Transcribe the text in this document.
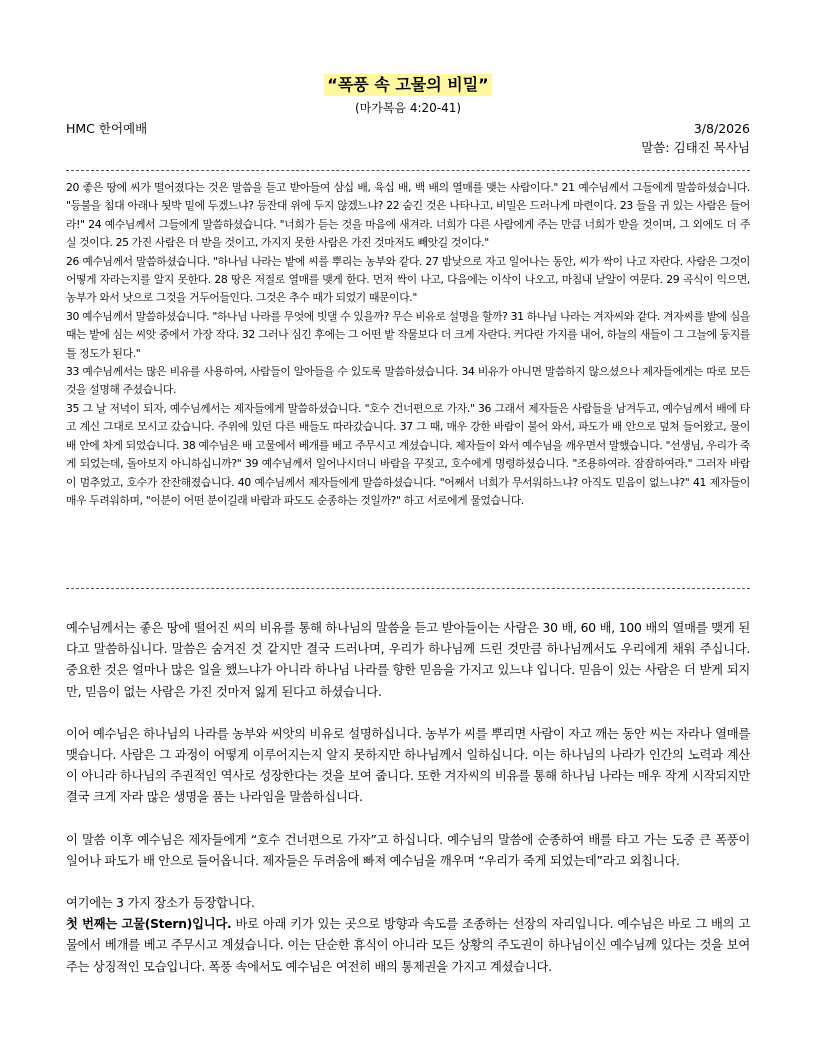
“폭풍 속 고물의 비밀”
(마가복음 4:20-41)
HMC 한어예배	3/8/2026
말씀: 김태진 목사님

20 좋은 땅에 씨가 떨어졌다는 것은 말씀을 듣고 받아들여 삼십 배, 육십 배, 백 배의 열매를 맺는 사람이다." 21 예수님께서 그들에게 말씀하셨습니다. "등불을 침대 아래나 됫박 밑에 두겠느냐? 등잔대 위에 두지 않겠느냐? 22 숨긴 것은 나타나고, 비밀은 드러나게 마련이다. 23 들을 귀 있는 사람은 들어라!" 24 예수님께서 그들에게 말씀하셨습니다. "너희가 듣는 것을 마음에 새겨라. 너희가 다른 사람에게 주는 만큼 너희가 받을 것이며, 그 외에도 더 주실 것이다. 25 가진 사람은 더 받을 것이고, 가지지 못한 사람은 가진 것마저도 빼앗길 것이다."

26 예수님께서 말씀하셨습니다. "하나님 나라는 밭에 씨를 뿌리는 농부와 같다. 27 밤낮으로 자고 일어나는 동안, 씨가 싹이 나고 자란다. 사람은 그것이 어떻게 자라는지를 알지 못한다. 28 땅은 저절로 열매를 맺게 한다. 먼저 싹이 나고, 다음에는 이삭이 나오고, 마침내 낟알이 여문다. 29 곡식이 익으면, 농부가 와서 낫으로 그것을 거두어들인다. 그것은 추수 때가 되었기 때문이다."

30 예수님께서 말씀하셨습니다. "하나님 나라를 무엇에 빗댈 수 있을까? 무슨 비유로 설명을 할까? 31 하나님 나라는 겨자씨와 같다. 겨자씨를 밭에 심을 때는 밭에 심는 씨앗 중에서 가장 작다. 32 그러나 심긴 후에는 그 어떤 밭 작물보다 더 크게 자란다. 커다란 가지를 내어, 하늘의 새들이 그 그늘에 둥지를 틀 정도가 된다."

33 예수님께서는 많은 비유를 사용하여, 사람들이 알아들을 수 있도록 말씀하셨습니다. 34 비유가 아니면 말씀하지 않으셨으나 제자들에게는 따로 모든 것을 설명해 주셨습니다.

35 그 날 저녁이 되자, 예수님께서는 제자들에게 말씀하셨습니다. "호수 건너편으로 가자." 36 그래서 제자들은 사람들을 남겨두고, 예수님께서 배에 타고 계신 그대로 모시고 갔습니다. 주위에 있던 다른 배들도 따라갔습니다. 37 그 때, 매우 강한 바람이 불어 와서, 파도가 배 안으로 덮쳐 들어왔고, 물이 배 안에 차게 되었습니다. 38 예수님은 배 고물에서 베개를 베고 주무시고 계셨습니다. 제자들이 와서 예수님을 깨우면서 말했습니다. "선생님, 우리가 죽게 되었는데, 돌아보지 아니하십니까?" 39 예수님께서 일어나시더니 바람을 꾸짖고, 호수에게 명령하셨습니다. "조용하여라. 잠잠하여라." 그러자 바람이 멈추었고, 호수가 잔잔해졌습니다. 40 예수님께서 제자들에게 말씀하셨습니다. "어째서 너희가 무서워하느냐? 아직도 믿음이 없느냐?" 41 제자들이 매우 두려워하며, "이분이 어떤 분이길래 바람과 파도도 순종하는 것일까?" 하고 서로에게 물었습니다.

예수님께서는 좋은 땅에 떨어진 씨의 비유를 통해 하나님의 말씀을 듣고 받아들이는 사람은 30 배, 60 배, 100 배의 열매를 맺게 된다고 말씀하십니다. 말씀은 숨겨진 것 같지만 결국 드러나며, 우리가 하나님께 드린 것만큼 하나님께서도 우리에게 채워 주십니다. 중요한 것은 얼마나 많은 일을 했느냐가 아니라 하나님 나라를 향한 믿음을 가지고 있느냐 입니다. 믿음이 있는 사람은 더 받게 되지만, 믿음이 없는 사람은 가진 것마저 잃게 된다고 하셨습니다.

이어 예수님은 하나님의 나라를 농부와 씨앗의 비유로 설명하십니다. 농부가 씨를 뿌리면 사람이 자고 깨는 동안 씨는 자라나 열매를 맺습니다. 사람은 그 과정이 어떻게 이루어지는지 알지 못하지만 하나님께서 일하십니다. 이는 하나님의 나라가 인간의 노력과 계산이 아니라 하나님의 주권적인 역사로 성장한다는 것을 보여 줍니다. 또한 겨자씨의 비유를 통해 하나님 나라는 매우 작게 시작되지만 결국 크게 자라 많은 생명을 품는 나라임을 말씀하십니다.

이 말씀 이후 예수님은 제자들에게 “호수 건너편으로 가자”고 하십니다. 예수님의 말씀에 순종하여 배를 타고 가는 도중 큰 폭풍이 일어나 파도가 배 안으로 들어옵니다. 제자들은 두려움에 빠져 예수님을 깨우며 “우리가 죽게 되었는데”라고 외칩니다.

여기에는 3 가지 장소가 등장합니다.

첫 번째는 고물(Stern)입니다. 바로 아래 키가 있는 곳으로 방향과 속도를 조종하는 선장의 자리입니다. 예수님은 바로 그 배의 고물에서 베개를 베고 주무시고 계셨습니다. 이는 단순한 휴식이 아니라 모든 상황의 주도권이 하나님이신 예수님께 있다는 것을 보여 주는 상징적인 모습입니다. 폭풍 속에서도 예수님은 여전히 배의 통제권을 가지고 계셨습니다.
